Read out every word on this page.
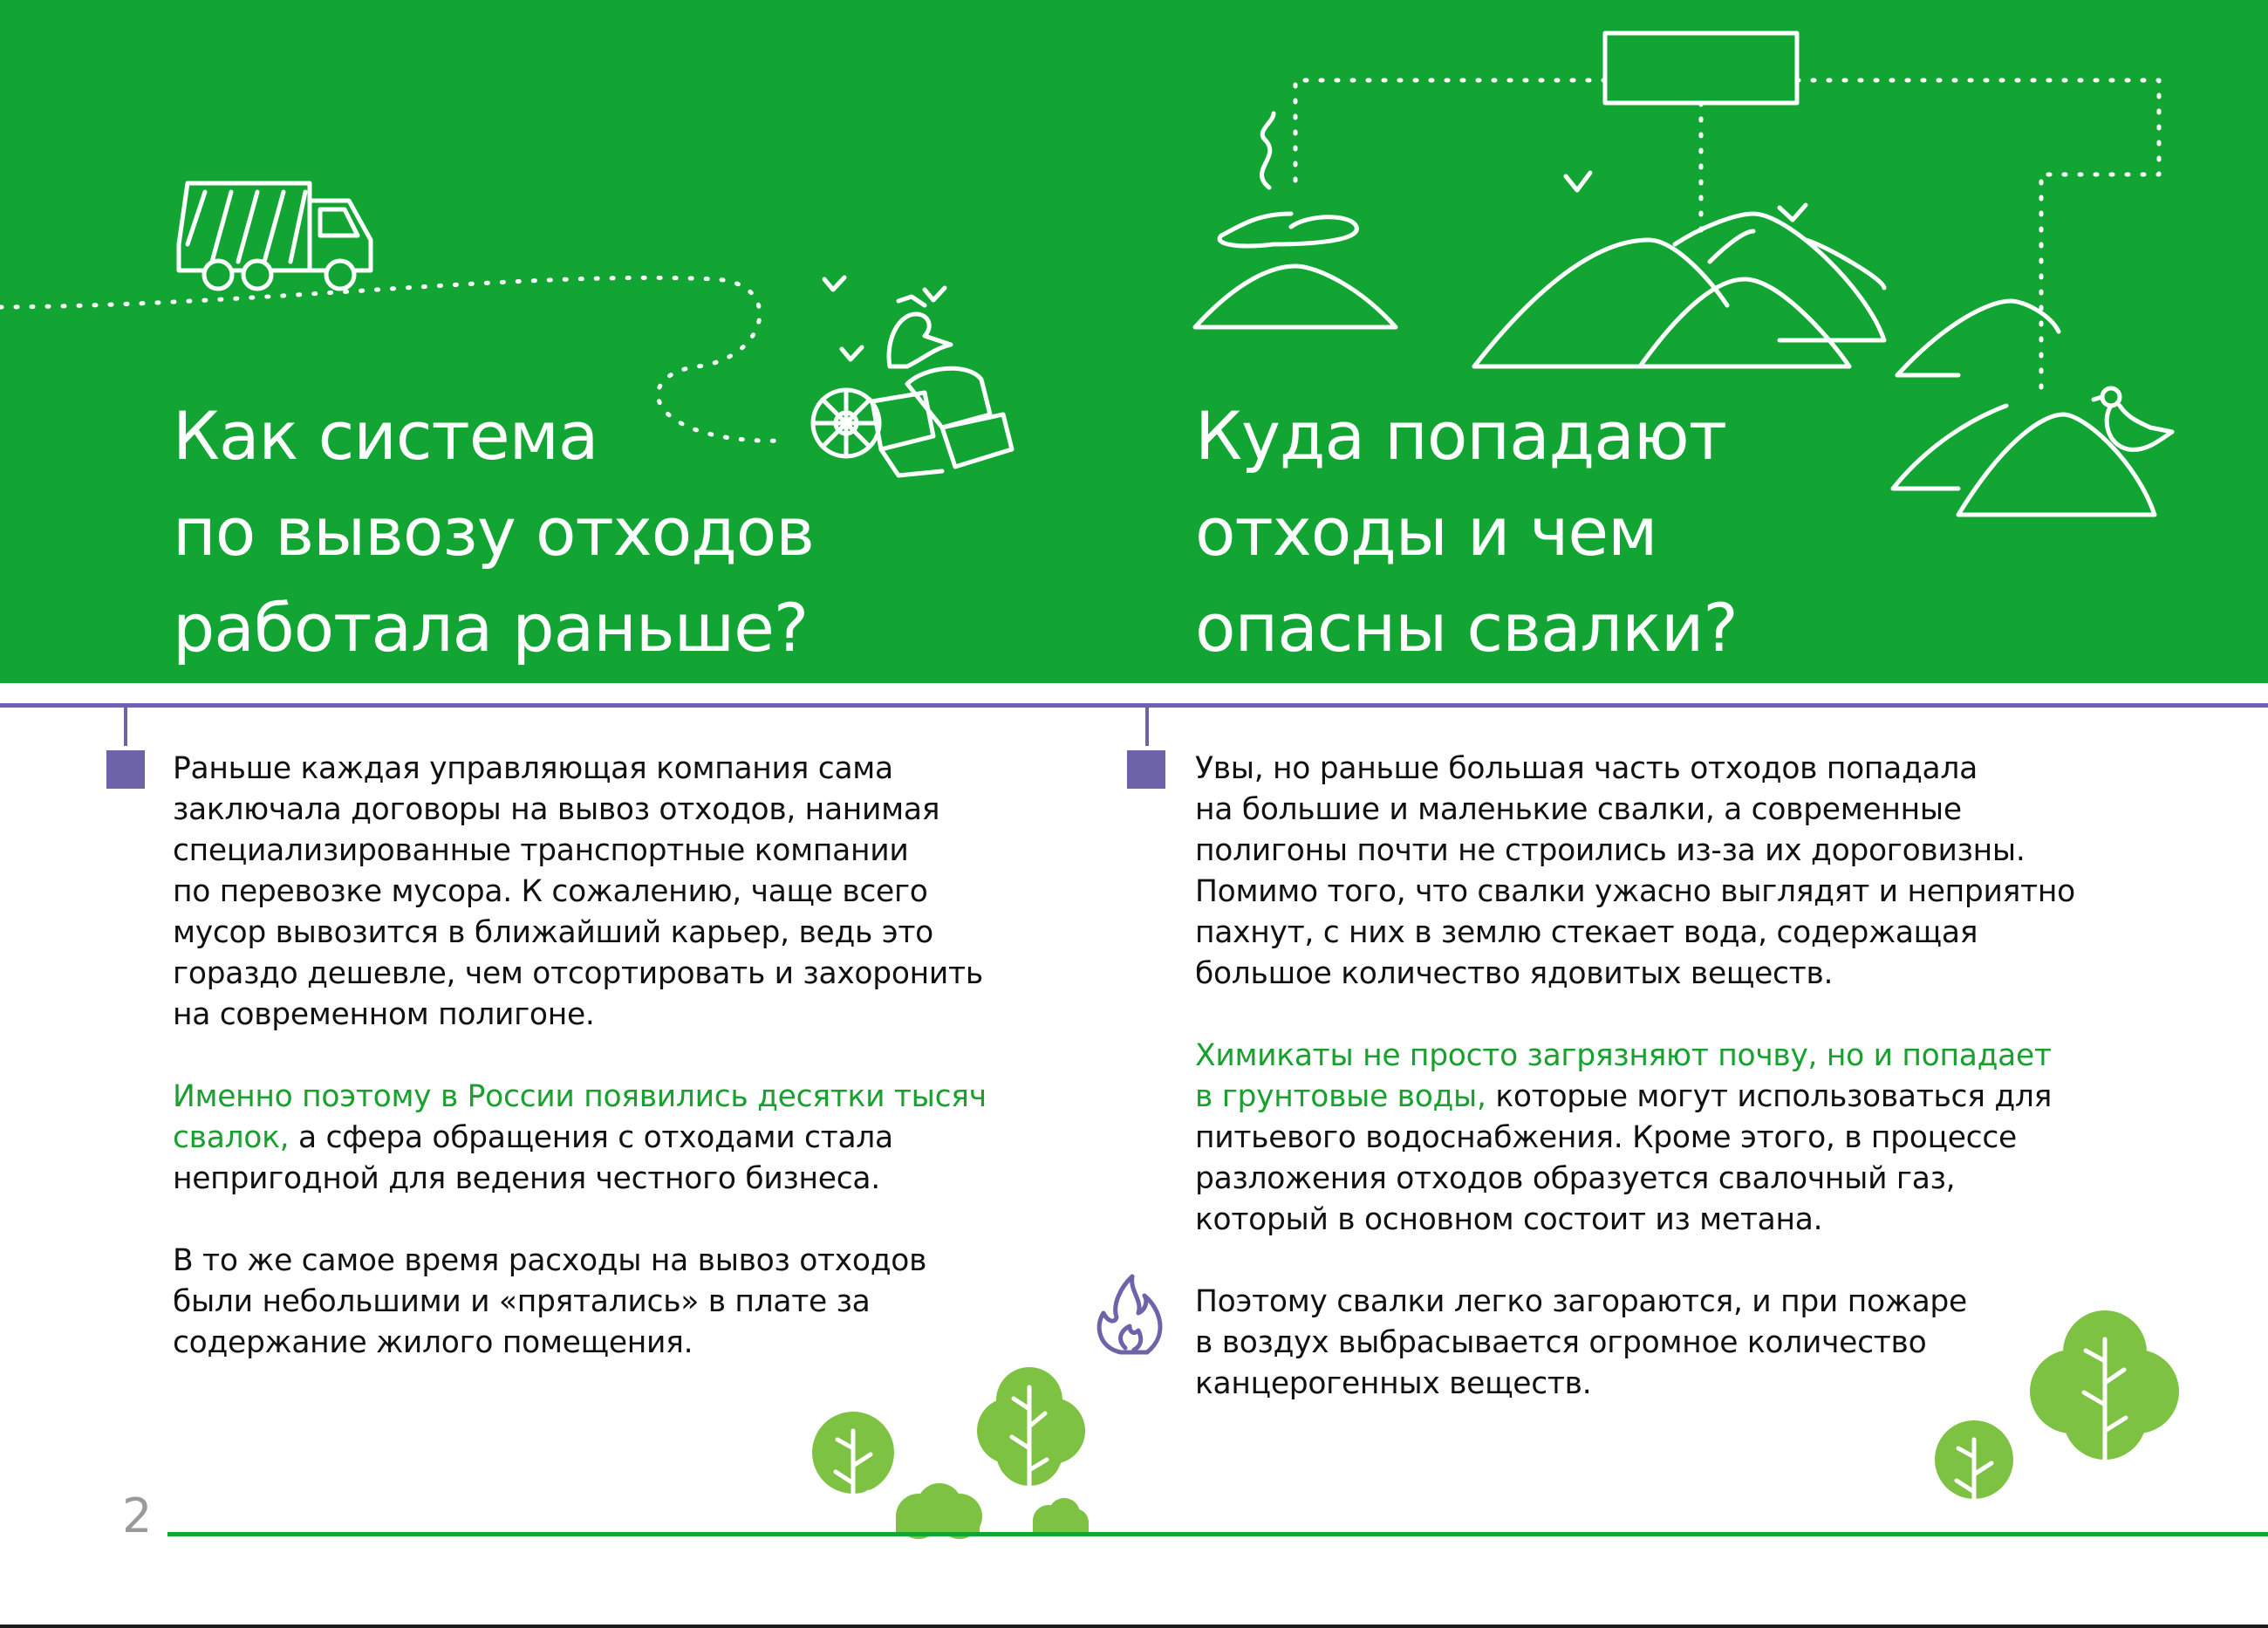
Как система
по вывозу отходов
работала раньше?
Куда попадают
отходы и чем
опасны свалки?

Раньше каждая управляющая компания сама
заключала договоры на вывоз отходов, нанимая
специализированные транспортные компании
по перевозке мусора. К сожалению, чаще всего
мусор вывозится в ближайший карьер, ведь это
гораздо дешевле, чем отсортировать и захоронить
на современном полигоне.

Именно поэтому в России появились десятки тысяч
свалок, а сфера обращения с отходами стала
непригодной для ведения честного бизнеса.

В то же самое время расходы на вывоз отходов
были небольшими и «прятались» в плате за
содержание жилого помещения.

Увы, но раньше большая часть отходов попадала
на большие и маленькие свалки, а современные
полигоны почти не строились из-за их дороговизны.
Помимо того, что свалки ужасно выглядят и неприятно
пахнут, с них в землю стекает вода, содержащая
большое количество ядовитых веществ.

Химикаты не просто загрязняют почву, но и попадает
в грунтовые воды, которые могут использоваться для
питьевого водоснабжения. Кроме этого, в процессе
разложения отходов образуется свалочный газ,
который в основном состоит из метана.

Поэтому свалки легко загораются, и при пожаре
в воздух выбрасывается огромное количество
канцерогенных веществ.

2
